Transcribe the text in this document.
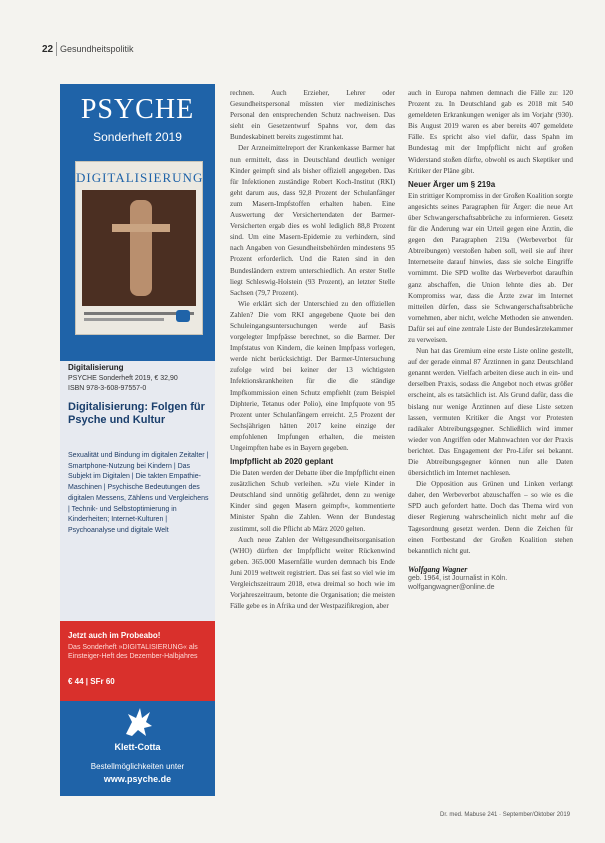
22 Gesundheitspolitik
PSYCHE
Sonderheft 2019
DIGITALISIERUNG
Digitalisierung
PSYCHE Sonderheft 2019, € 32,90
ISBN 978-3-608-97557-0
Digitalisierung: Folgen für Psyche und Kultur
Sexualität und Bindung im digitalen Zeitalter | Smartphone-Nutzung bei Kindern | Das Subjekt im Digitalen | Die takten Empathie-Maschinen | Psychische Bedeutungen des digitalen Messens, Zählens und Vergleichens | Technik- und Selbstoptimierung in Kinderheiten; Internet-Kulturen | Psychoanalyse und digitale Welt
Jetzt auch im Probeabo!
Das Sonderheft »DIGITALISIERUNG« als Einsteiger-Heft des Dezember-Halbjahres
€ 44 | SFr 60
Klett-Cotta
Bestellmöglichkeiten unter
www.psyche.de

rechnen. Auch Erzieher, Lehrer oder Gesundheitspersonal müssten vier medizinisches Personal den entsprechenden Schutz nachweisen. Das sieht ein Gesetzentwurf Spahns vor, dem das Bundeskabinett bereits zugestimmt hat.

Der Arzneimittelreport der Krankenkasse Barmer hat nun ermittelt, dass in Deutschland deutlich weniger Kinder geimpft sind als bisher offiziell angegeben. Das für Infektionen zuständige Robert Koch-Institut (RKI) geht darum aus, dass 92,8 Prozent der Schulanfänger zum Masern-Impfstoffen erhalten haben. Eine Auswertung der Versichertendaten der Barmer-Versicherten ergab dies es wohl lediglich 88,8 Prozent sind. Um eine Masern-Epidemie zu verhindern, sind nach Angaben von Gesundheitsbehörden mindestens 95 Prozent erforderlich. Und die Raten sind in den Bundesländern extrem unterschiedlich. An erster Stelle liegt Schleswig-Holstein (93 Prozent), an letzter Stelle Sachsen (79,7 Prozent).

Wie erklärt sich der Unterschied zu den offiziellen Zahlen? Die vom RKI angegebene Quote bei den Schuleingangsuntersuchungen werde auf Basis vorgelegter Impfpässe berechnet, so die Barmer. Der Impfstatus von Kindern, die keinen Impfpass vorlegen, werde nicht berücksichtigt. Der Barmer-Untersuchung zufolge wird bei keiner der 13 wichtigsten Infektionskrankheiten für die die ständige Impfkommission einen Schutz empfiehlt (zum Beispiel Diphterie, Tetanus oder Polio), eine Impfquote von 95 Prozent unter Schulanfängern erreicht. 2,5 Prozent der Sechsjährigen hätten 2017 keine einzige der empfohlenen Impfungen erhalten, die meisten Ungeimpften habe es in Bayern gegeben.

Impfpflicht ab 2020 geplant

Die Daten werden der Debatte über die Impfpflicht einen zusätzlichen Schub verleihen. »Zu viele Kinder in Deutschland sind unnötig gefährdet, denn zu wenige Kinder sind gegen Masern geimpft«, kommentierte Minister Spahn die Zahlen. Wenn der Bundestag zustimmt, soll die Pflicht ab März 2020 gelten.

Auch neue Zahlen der Weltgesundheitsorganisation (WHO) dürften der Impfpflicht weiter Rückenwind geben. 365.000 Masernfälle wurden demnach bis Ende Juni 2019 weltweit registriert. Das sei fast so viel wie im Vergleichszeitraum 2018, etwa dreimal so hoch wie im Vorjahreszeitraum, betonte die Organisation; die meisten Fälle gebe es in Afrika und der Westpazifikregion, aber

auch in Europa nahmen demnach die Fälle zu: 120 Prozent zu. In Deutschland gab es 2018 mit 540 gemeldeten Erkrankungen weniger als im Vorjahr (930). Bis August 2019 waren es aber bereits 407 gemeldete Fälle. Es spricht also viel dafür, dass Spahn im Bundestag mit der Impfpflicht nicht auf großen Widerstand stoßen dürfte, obwohl es auch Skeptiker und Kritiker der Pläne gibt.

Neuer Ärger um § 219a

Ein strittiger Kompromiss in der Großen Koalition sorgte angesichts seines Paragraphen für Ärger: die neue Art über Schwangerschaftsabbrüche zu informieren. Gesetz für die Änderung war ein Urteil gegen eine Ärztin, die gegen den Paragraphen 219a (Werbeverbot für Abtreibungen) verstoßen haben soll, weil sie auf ihrer Internetseite darauf hinwies, dass sie solche Eingriffe vornimmt. Die SPD wollte das Werbeverbot daraufhin ganz abschaffen, die Union lehnte dies ab. Der Kompromiss war, dass die Ärzte zwar im Internet mitteilen dürfen, dass sie Schwangerschaftsabbrüche vornehmen, aber nicht, welche Methoden sie anwenden. Dafür sei auf eine zentrale Liste der Bundesärztekammer zu verweisen.

Nun hat das Gremium eine erste Liste online gestellt, auf der gerade einmal 87 Ärztinnen in ganz Deutschland genannt werden. Vielfach arbeiten diese auch in ein- und derselben Praxis, sodass die Angebot noch etwas größer erscheint, als es tatsächlich ist. Als Grund dafür, dass die bislang nur wenige Ärztinnen auf diese Liste setzen lassen, vermuten Kritiker die Angst vor Protesten radikaler Abtreibungsgegner. Schließlich wird immer wieder von Angriffen oder Mahnwachten vor der Praxis berichtet. Das Engagement der Pro-Lifer sei bekannt. Die Abtreibungsgegner können nun alle Daten übersichtlich im Internet nachlesen.

Die Opposition aus Grünen und Linken verlangt daher, den Werbeverbot abzuschaffen – so wie es die SPD auch gefordert hatte. Doch das Thema wird von dieser Regierung wahrscheinlich nicht mehr auf die Tagesordnung gesetzt werden. Denn die Zeichen für einen Fortbestand der Großen Koalition stehen bekanntlich nicht gut.

Wolfgang Wagner
geb. 1964, ist Journalist in Köln.
wolfgangwagner@online.de
Dr. med. Mabuse 241 · September/Oktober 2019
